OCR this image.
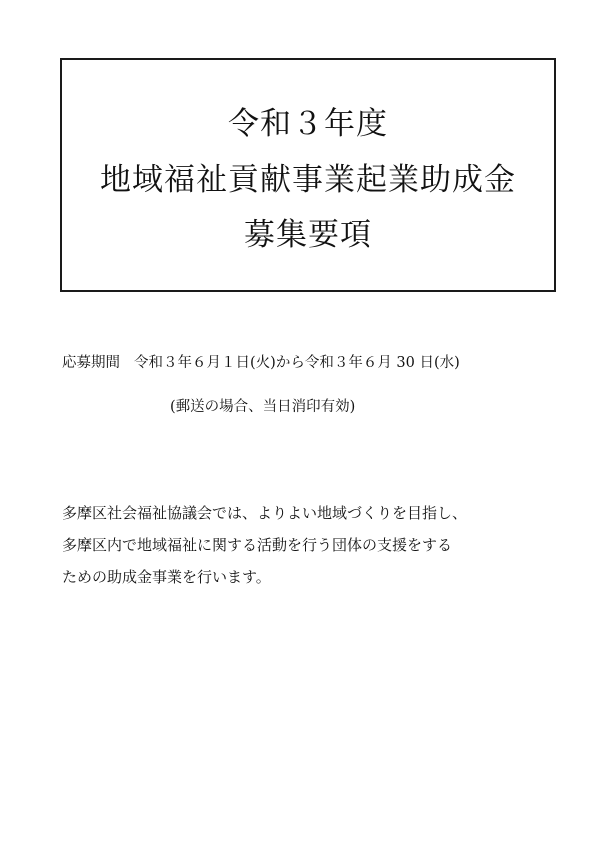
令和３年度
地域福祉貢献事業起業助成金
募集要項
応募期間 令和３年６月１日(火)から令和３年６月 30 日(水)
(郵送の場合、当日消印有効)
多摩区社会福祉協議会では、よりよい地域づくりを目指し、
多摩区内で地域福祉に関する活動を行う団体の支援をする
ための助成金事業を行います。
